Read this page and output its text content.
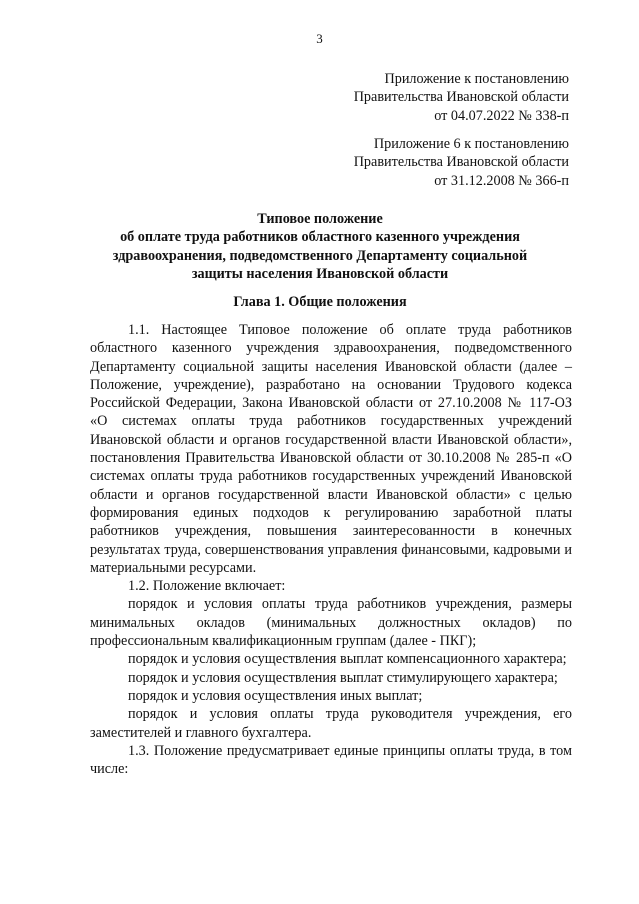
3
Приложение к постановлению
Правительства Ивановской области
от 04.07.2022 № 338-п
Приложение 6 к постановлению
Правительства Ивановской области
от 31.12.2008 № 366-п
Типовое положение
об оплате труда работников областного казенного учреждения
здравоохранения, подведомственного Департаменту социальной
защиты населения Ивановской области
Глава 1. Общие положения

1.1. Настоящее Типовое положение об оплате труда работников областного казенного учреждения здравоохранения, подведомственного Департаменту социальной защиты населения Ивановской области (далее – Положение, учреждение), разработано на основании Трудового кодекса Российской Федерации, Закона Ивановской области от 27.10.2008 № 117-ОЗ «О системах оплаты труда работников государственных учреждений Ивановской области и органов государственной власти Ивановской области», постановления Правительства Ивановской области от 30.10.2008 № 285-п «О системах оплаты труда работников государственных учреждений Ивановской области и органов государственной власти Ивановской области» с целью формирования единых подходов к регулированию заработной платы работников учреждения, повышения заинтересованности в конечных результатах труда, совершенствования управления финансовыми, кадровыми и материальными ресурсами.

1.2. Положение включает:

порядок и условия оплаты труда работников учреждения, размеры минимальных окладов (минимальных должностных окладов) по профессиональным квалификационным группам (далее - ПКГ);

порядок и условия осуществления выплат компенсационного характера;

порядок и условия осуществления выплат стимулирующего характера;

порядок и условия осуществления иных выплат;

порядок и условия оплаты труда руководителя учреждения, его заместителей и главного бухгалтера.

1.3. Положение предусматривает единые принципы оплаты труда, в том числе:
